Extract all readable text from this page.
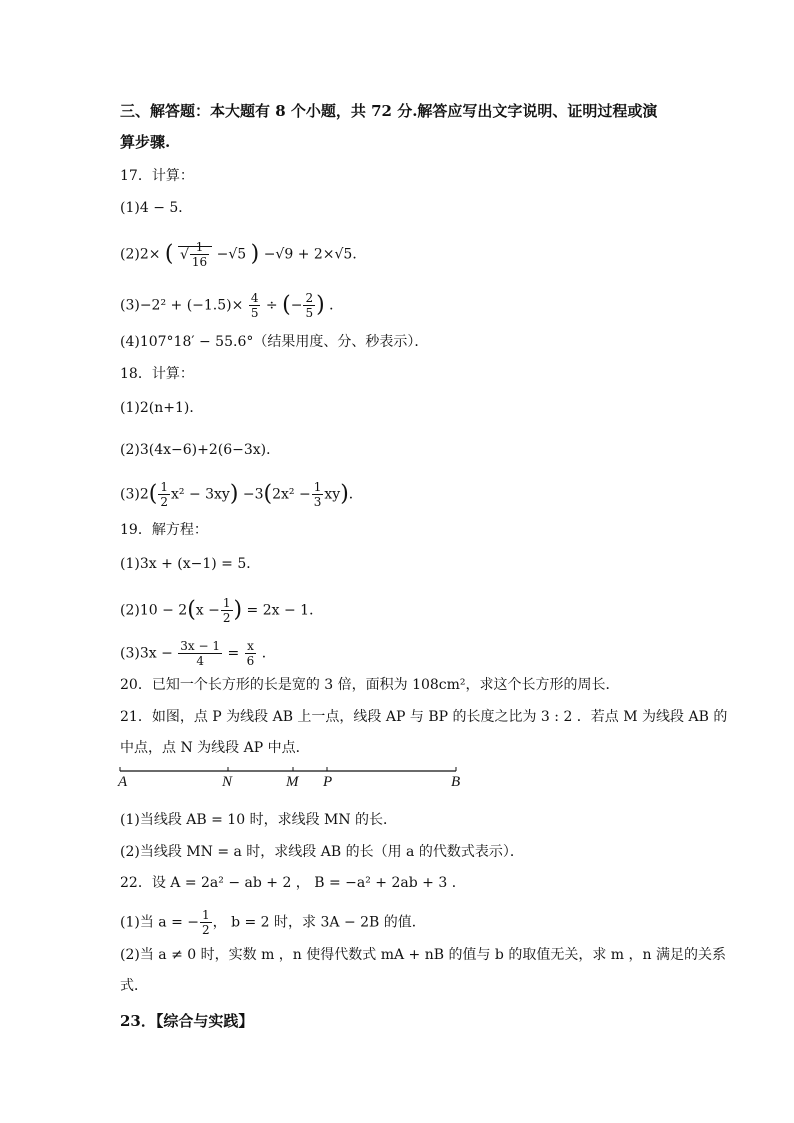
三、解答题：本大题有 8 个小题，共 72 分.解答应写出文字说明、证明过程或演
算步骤.
17．计算：
(1)4 − 5．
(2)2× ( √ $\frac{1}{16} -√5$ ) −√9 + 2×√5．
$(3)-2^2 + (-1.5)\times \frac{4}{5}$ ÷ (− $\frac{2}{5}$ ) ．
(4)107°18′ − 55.6°（结果用度、分、秒表示）．
18．计算：
(1)2(n+1)．
(2)3(4x−6)+2(6−3x)．
$(3)2( \frac{1}{2} x^2 - 3xy) -3(2x^2 - \frac{1}{3} xy)$．
19．解方程：
(1)3x + (x−1) = 5．
$(2)10 - 2(x - \frac{1}{2}$ ) = 2x − 1．
$(3)3x - \frac{3x - 1}{4} = \frac{x}{6}$ ．
20．已知一个长方形的长是宽的 3 倍，面积为 108cm²，求这个长方形的周长．
21．如图，点 P 为线段 AB 上一点，线段 AP 与 BP 的长度之比为 3 : 2 ．若点 M 为线段 AB 的
中点，点 N 为线段 AP 中点．
A	N	M P	B
(1)当线段 AB = 10 时，求线段 MN 的长．
(2)当线段 MN = a 时，求线段 AB 的长（用 a 的代数式表示）．
22．设 A = 2a² − ab + 2 ， B = −a² + 2ab + 3 ．
(1)当 a = − $\frac{1}{2}$ ， b = 2 时，求 3A − 2B 的值．
(2)当 a ≠ 0 时，实数 m ，n 使得代数式 mA + nB 的值与 b 的取值无关，求 m ，n 满足的关系
式．
23．【综合与实践】
